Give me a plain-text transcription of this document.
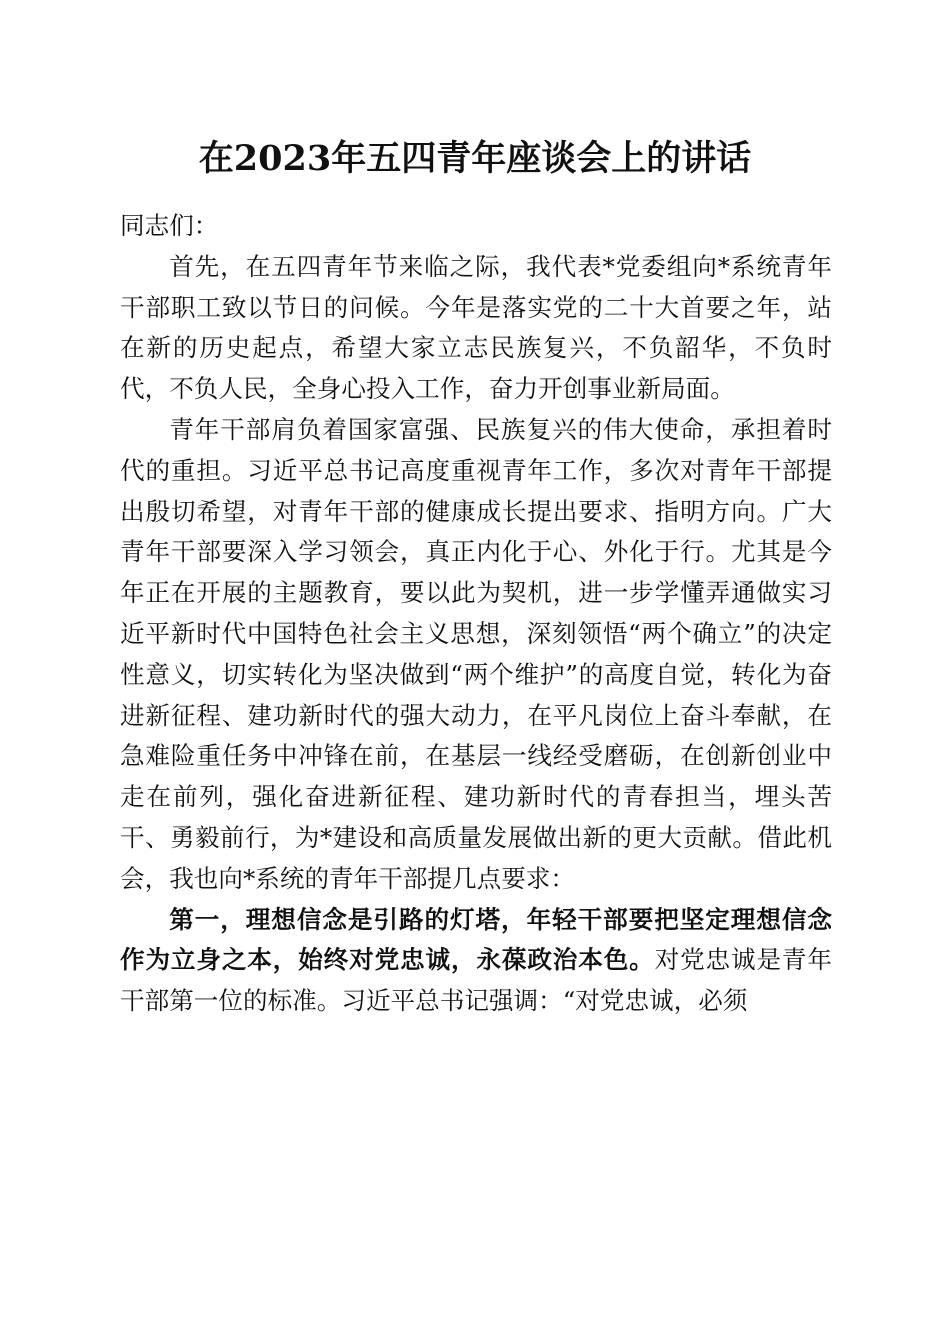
在2023年五四青年座谈会上的讲话

同志们：

首先，在五四青年节来临之际，我代表*党委组向*系统青年干部职工致以节日的问候。今年是落实党的二十大首要之年，站在新的历史起点，希望大家立志民族复兴，不负韶华，不负时代，不负人民，全身心投入工作，奋力开创事业新局面。

青年干部肩负着国家富强、民族复兴的伟大使命，承担着时代的重担。习近平总书记高度重视青年工作，多次对青年干部提出殷切希望，对青年干部的健康成长提出要求、指明方向。广大青年干部要深入学习领会，真正内化于心、外化于行。尤其是今年正在开展的主题教育，要以此为契机，进一步学懂弄通做实习近平新时代中国特色社会主义思想，深刻领悟“两个确立”的决定性意义，切实转化为坚决做到“两个维护”的高度自觉，转化为奋进新征程、建功新时代的强大动力，在平凡岗位上奋斗奉献，在急难险重任务中冲锋在前，在基层一线经受磨砺，在创新创业中走在前列，强化奋进新征程、建功新时代的青春担当，埋头苦干、勇毅前行，为*建设和高质量发展做出新的更大贡献。借此机会，我也向*系统的青年干部提几点要求：

第一，理想信念是引路的灯塔，年轻干部要把坚定理想信念作为立身之本，始终对党忠诚，永葆政治本色。对党忠诚是青年干部第一位的标准。习近平总书记强调：“对党忠诚，必须
